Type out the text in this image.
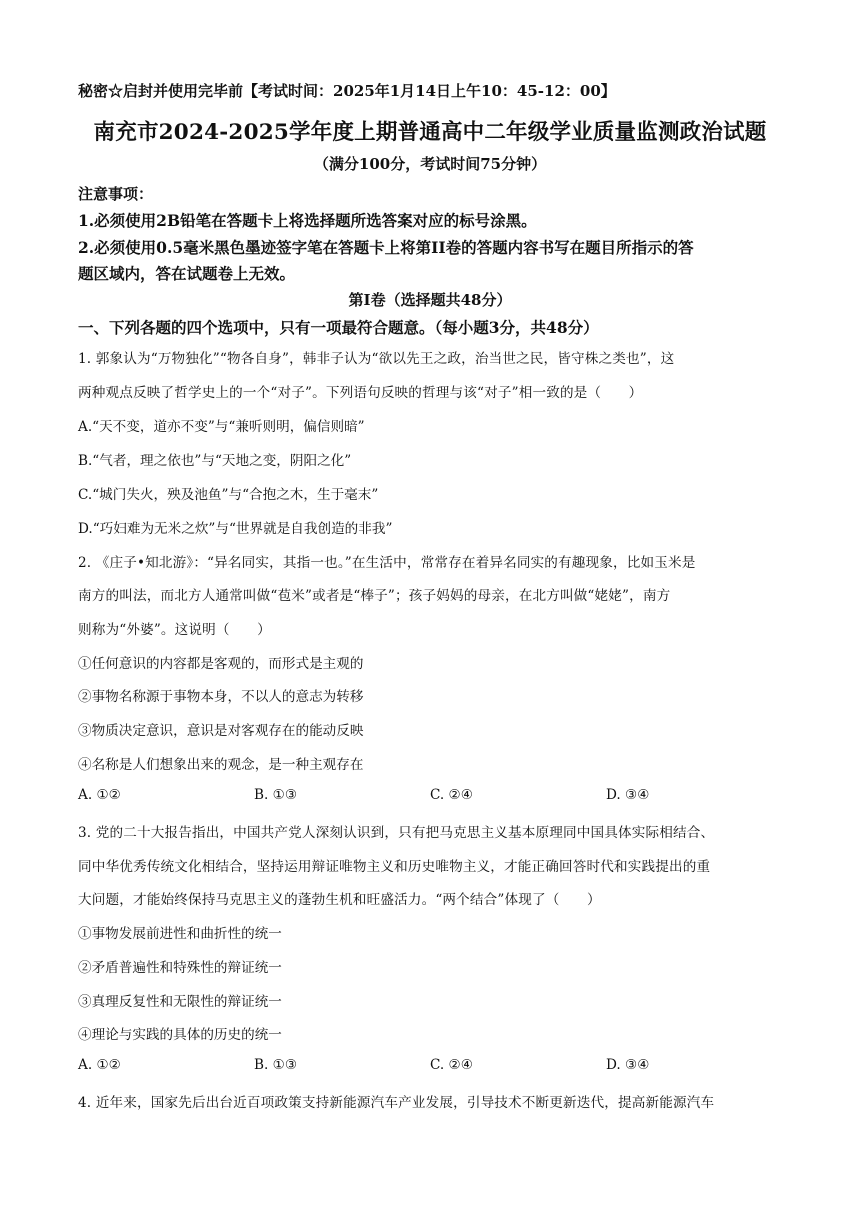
秘密☆启封并使用完毕前【考试时间：2025年1月14日上午10：45-12：00】
南充市2024-2025学年度上期普通高中二年级学业质量监测政治试题
（满分100分，考试时间75分钟）
注意事项：
1.必须使用2B铅笔在答题卡上将选择题所选答案对应的标号涂黑。
2.必须使用0.5毫米黑色墨迹签字笔在答题卡上将第II卷的答题内容书写在题目所指示的答
题区域内，答在试题卷上无效。
第I卷（选择题共48分）
一、下列各题的四个选项中，只有一项最符合题意。（每小题3分，共48分）
1. 郭象认为“万物独化”“物各自身”，韩非子认为“欲以先王之政，治当世之民，皆守株之类也”，这
两种观点反映了哲学史上的一个“对子”。下列语句反映的哲理与该“对子”相一致的是（　　）
A.“天不变，道亦不变”与“兼听则明，偏信则暗”
B.“气者，理之依也”与“天地之变，阴阳之化”
C.“城门失火，殃及池鱼”与“合抱之木，生于毫末”
D.“巧妇难为无米之炊”与“世界就是自我创造的非我”
2. 《庄子•知北游》：“异名同实，其指一也。”在生活中，常常存在着异名同实的有趣现象，比如玉米是
南方的叫法，而北方人通常叫做“苞米”或者是“棒子”；孩子妈妈的母亲，在北方叫做“姥姥”，南方
则称为“外婆”。这说明（　　）
①任何意识的内容都是客观的，而形式是主观的
②事物名称源于事物本身，不以人的意志为转移
③物质决定意识，意识是对客观存在的能动反映
④名称是人们想象出来的观念，是一种主观存在
A. ①②	B. ①③	C. ②④	D. ③④
3. 党的二十大报告指出，中国共产党人深刻认识到，只有把马克思主义基本原理同中国具体实际相结合、
同中华优秀传统文化相结合，坚持运用辩证唯物主义和历史唯物主义，才能正确回答时代和实践提出的重
大问题，才能始终保持马克思主义的蓬勃生机和旺盛活力。“两个结合”体现了（　　）
①事物发展前进性和曲折性的统一
②矛盾普遍性和特殊性的辩证统一
③真理反复性和无限性的辩证统一
④理论与实践的具体的历史的统一
A. ①②	B. ①③	C. ②④	D. ③④
4. 近年来，国家先后出台近百项政策支持新能源汽车产业发展，引导技术不断更新迭代，提高新能源汽车
